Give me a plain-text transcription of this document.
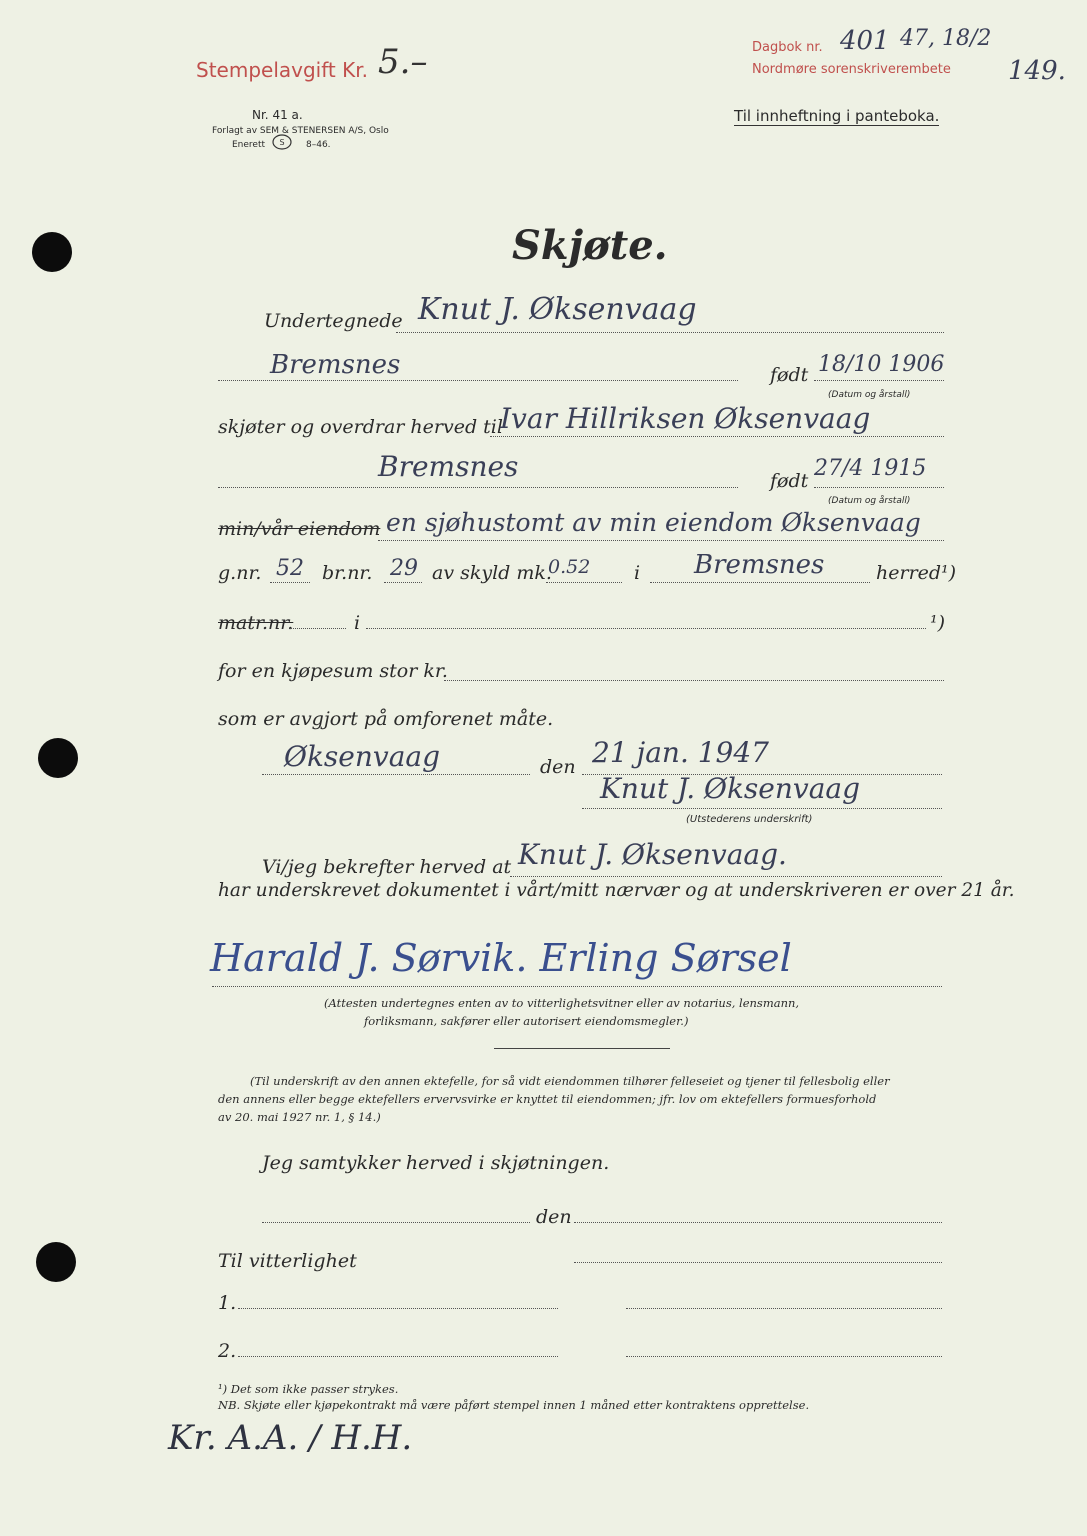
Stempelavgift Kr. 5.–	Dagbok nr. 401 47, 18/2
Nordmøre sorenskriverembete 149.
Nr. 41 a.
Forlagt av SEM & STENERSEN A/S, Oslo
Enerett S 8–46.
Til innheftning i panteboka.
Skjøte.
Undertegnede Knut J. Øksenvaag
Bremsnes	født 18/10 1906
(Datum og årstall)
skjøter og overdrar herved til
Ivar Hillriksen Øksenvaag
Bremsnes	født 27/4 1915
(Datum og årstall)
min/vår eiendom en sjøhustomt av min eiendom Øksenvaag
g.nr. 52 br.nr. 29 av skyld mk.
0.52 i Bremsnes	herred¹)
matr.nr.	i	¹)
for en kjøpesum stor kr.
som er avgjort på omforenet måte.
Øksenvaag	den 21 jan. 1947
Knut J. Øksenvaag
(Utstederens underskrift)
Vi/jeg bekrefter herved at Knut J. Øksenvaag.
har underskrevet dokumentet i vårt/mitt nærvær og at underskriveren er over 21 år.
Harald J. Sørvik. Erling Sørsel
(Attesten undertegnes enten av to vitterlighetsvitner eller av notarius, lensmann,
forliksmann, sakfører eller autorisert eiendomsmegler.)
(Til underskrift av den annen ektefelle, for så vidt eiendommen tilhører felleseiet og tjener til fellesbolig eller
den annens eller begge ektefellers ervervsvirke er knyttet til eiendommen; jfr. lov om ektefellers formuesforhold
av 20. mai 1927 nr. 1, § 14.)
Jeg samtykker herved i skjøtningen.
den
Til vitterlighet
1.
2.
¹) Det som ikke passer strykes.
NB. Skjøte eller kjøpekontrakt må være påført stempel innen 1 måned etter kontraktens opprettelse.
Kr. A.A. / H.H.
